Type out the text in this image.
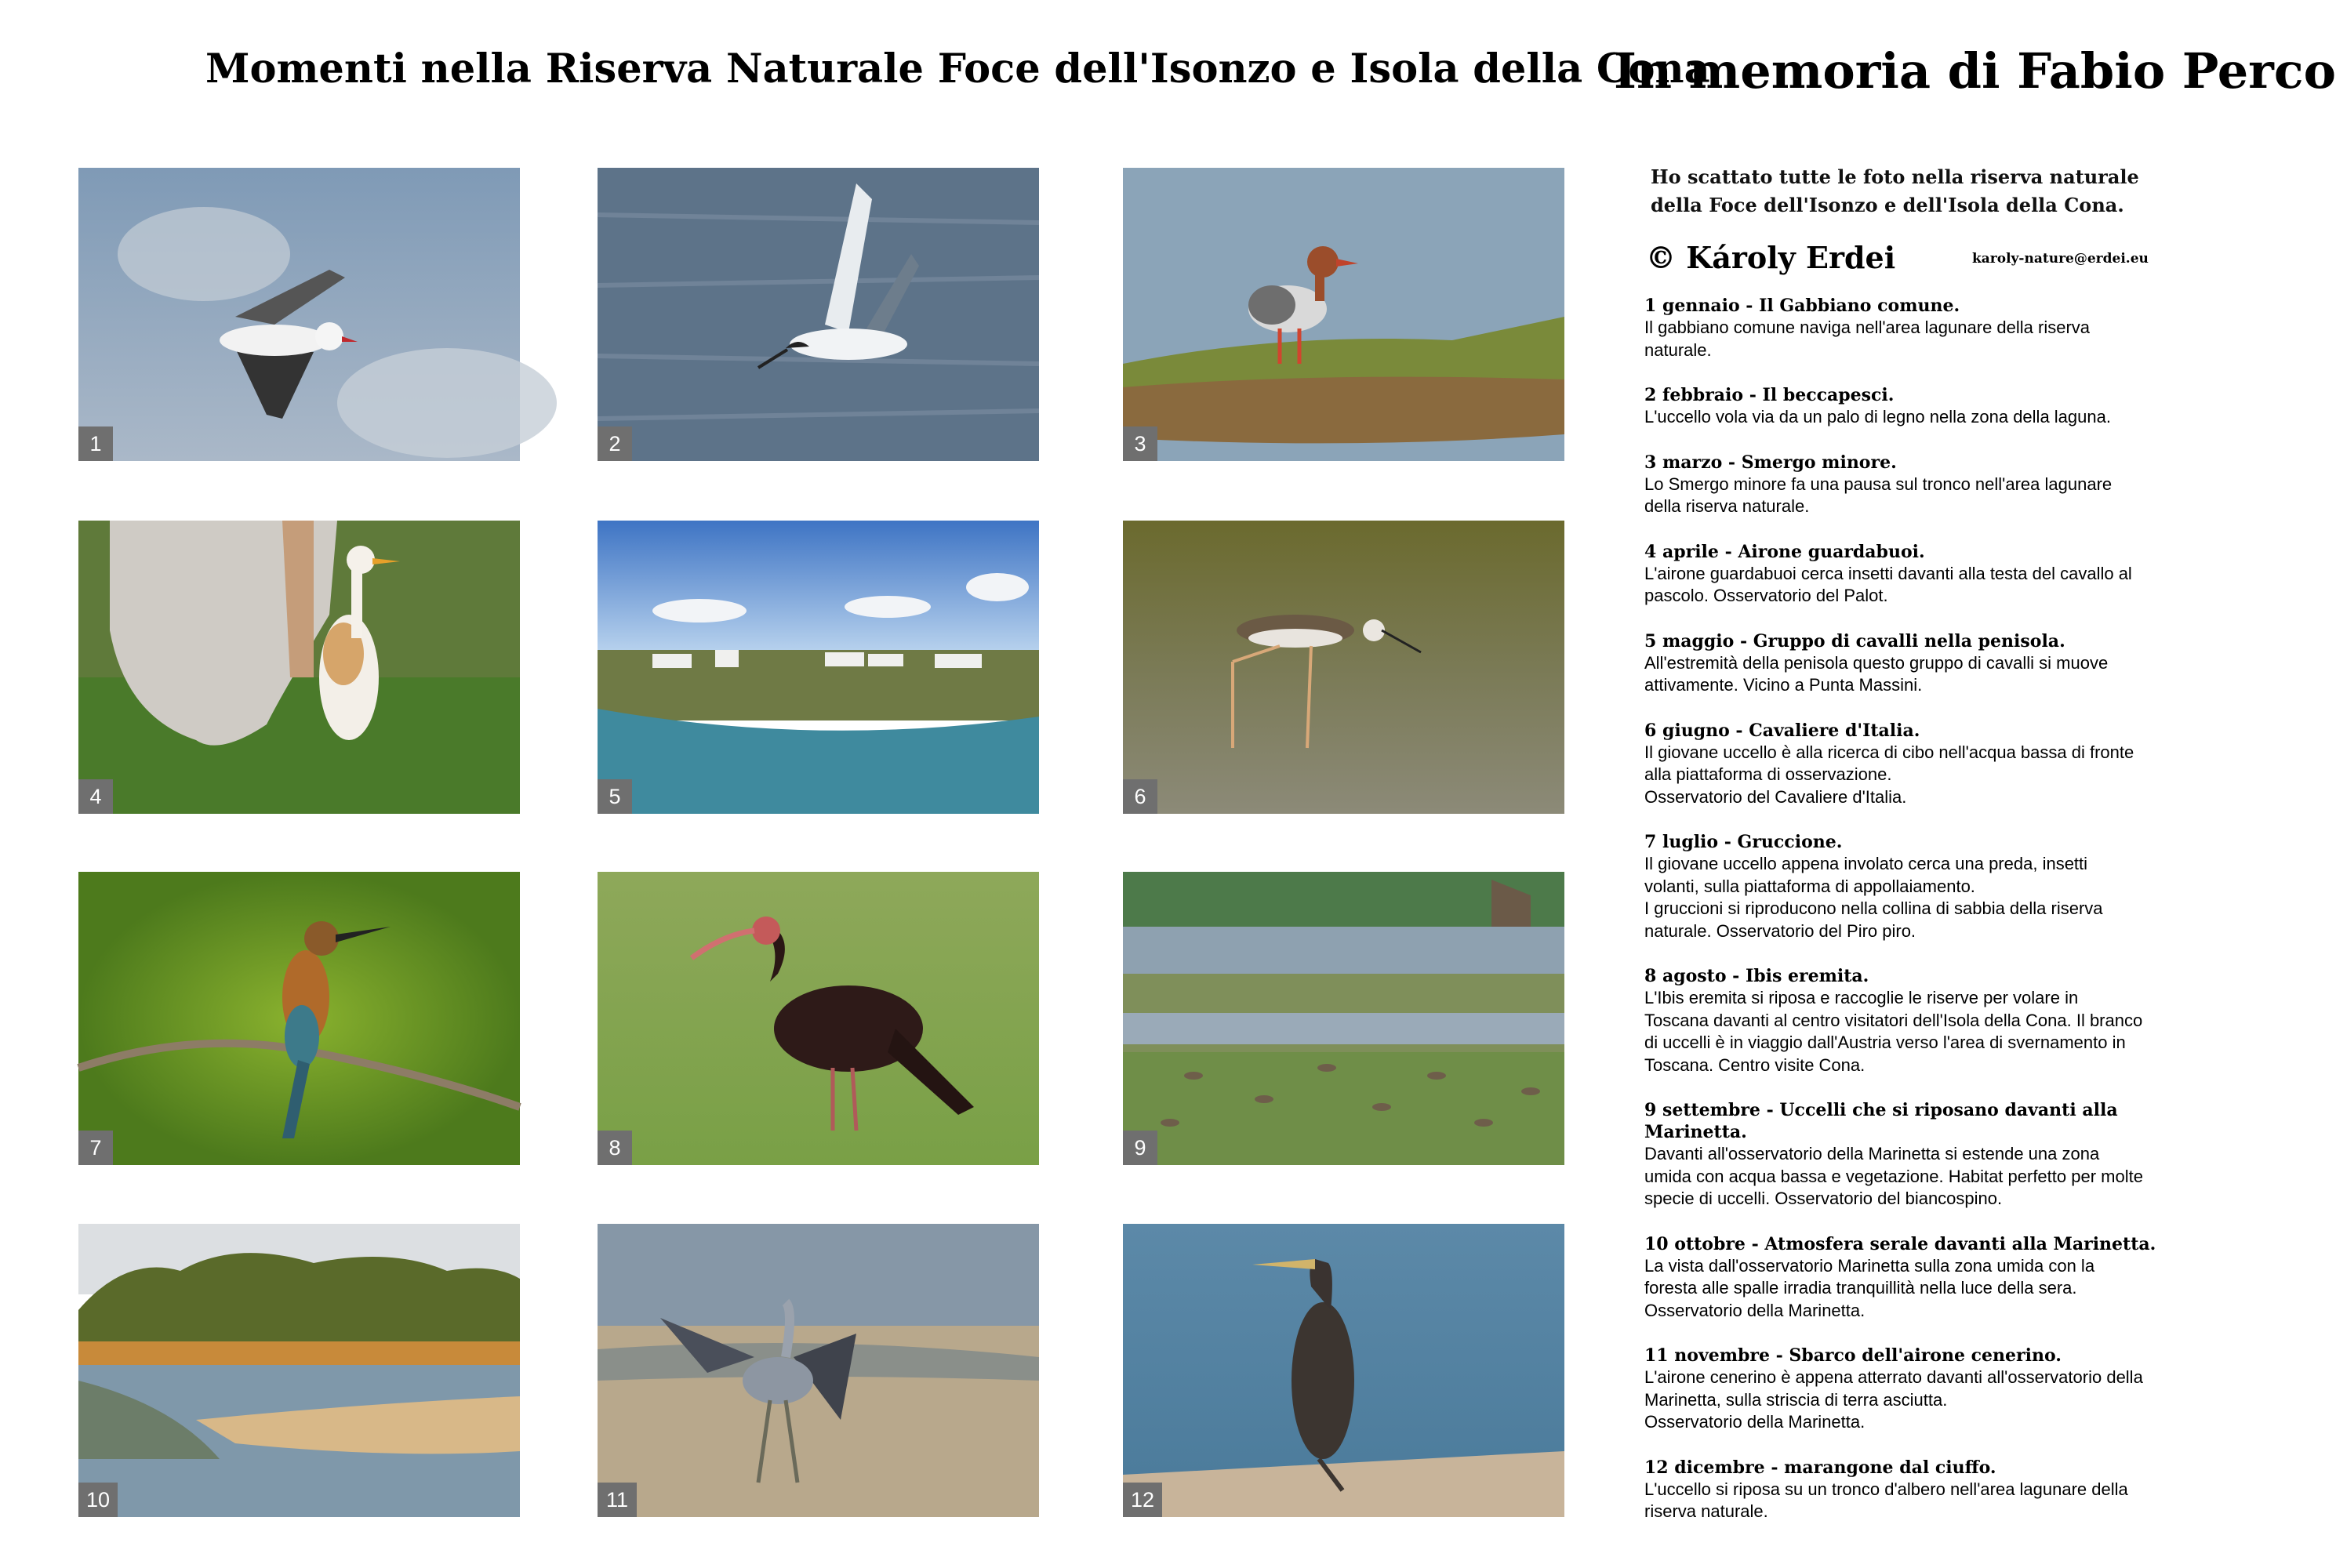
Momenti nella Riserva Naturale Foce dell'Isonzo e Isola della Cona
In memoria di Fabio Perco
1	2	3
4	5	6
7	8	9
10	11	12
Ho scattato tutte le foto nella riserva naturale della Foce dell'Isonzo e dell'Isola della Cona.
© Károly Erdei	karoly-nature@erdei.eu
1 gennaio - Il Gabbiano comune.
Il gabbiano comune naviga nell'area lagunare della riserva
naturale.
2 febbraio - Il beccapesci.
L'uccello vola via da un palo di legno nella zona della laguna.
3 marzo - Smergo minore.
Lo Smergo minore fa una pausa sul tronco nell'area lagunare
della riserva naturale.
4 aprile - Airone guardabuoi.
L'airone guardabuoi cerca insetti davanti alla testa del cavallo al
pascolo. Osservatorio del Palot.
5 maggio - Gruppo di cavalli nella penisola.
All'estremità della penisola questo gruppo di cavalli si muove
attivamente. Vicino a Punta Massini.
6 giugno - Cavaliere d'Italia.
Il giovane uccello è alla ricerca di cibo nell'acqua bassa di fronte
alla piattaforma di osservazione.
Osservatorio del Cavaliere d'Italia.
7 luglio - Gruccione.
Il giovane uccello appena involato cerca una preda, insetti
volanti, sulla piattaforma di appollaiamento.
I gruccioni si riproducono nella collina di sabbia della riserva
naturale. Osservatorio del Piro piro.
8 agosto - Ibis eremita.
L'Ibis eremita si riposa e raccoglie le riserve per volare in
Toscana davanti al centro visitatori dell'Isola della Cona. Il branco
di uccelli è in viaggio dall'Austria verso l'area di svernamento in
Toscana. Centro visite Cona.
9 settembre - Uccelli che si riposano davanti alla Marinetta.
Davanti all'osservatorio della Marinetta si estende una zona
umida con acqua bassa e vegetazione. Habitat perfetto per molte
specie di uccelli. Osservatorio del biancospino.
10 ottobre - Atmosfera serale davanti alla Marinetta.
La vista dall'osservatorio Marinetta sulla zona umida con la
foresta alle spalle irradia tranquillità nella luce della sera.
Osservatorio della Marinetta.
11 novembre - Sbarco dell'airone cenerino.
L'airone cenerino è appena atterrato davanti all'osservatorio della
Marinetta, sulla striscia di terra asciutta.
Osservatorio della Marinetta.
12 dicembre - marangone dal ciuffo.
L'uccello si riposa su un tronco d'albero nell'area lagunare della
riserva naturale.
